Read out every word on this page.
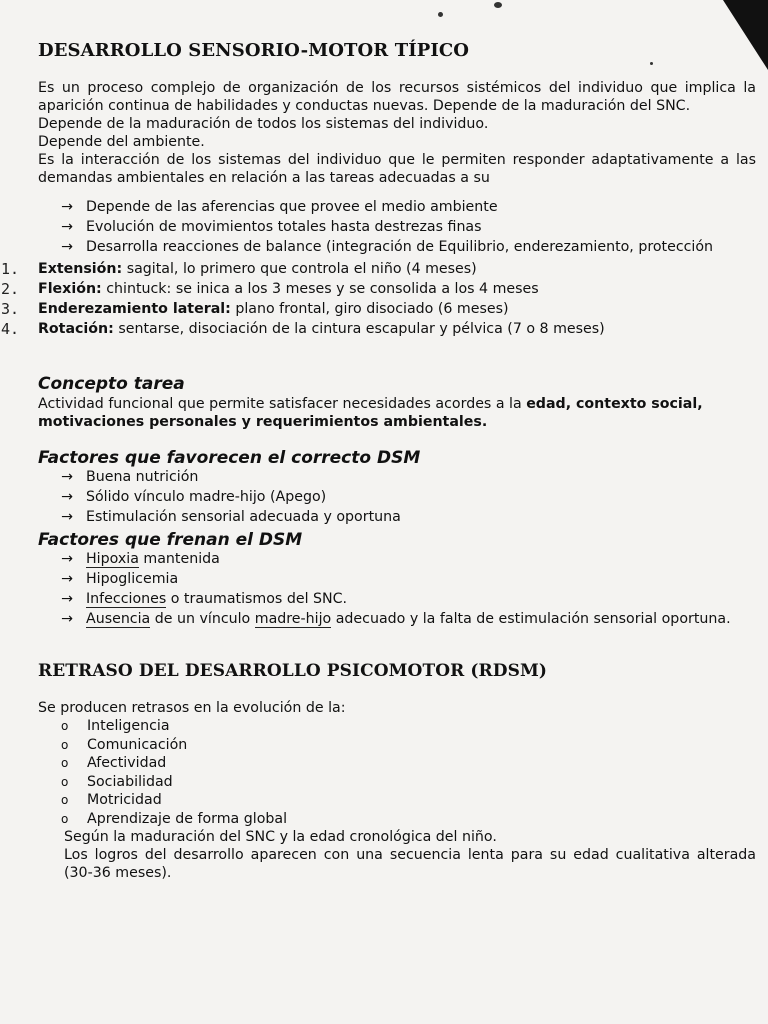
DESARROLLO SENSORIO-MOTOR TÍPICO

Es un proceso complejo de organización de los recursos sistémicos del individuo que implica la aparición continua de habilidades y conductas nuevas. Depende de la maduración del SNC.

Depende de la maduración de todos los sistemas del individuo.

Depende del ambiente.

Es la interacción de los sistemas del individuo que le permiten responder adaptativamente a las demandas ambientales en relación a las tareas adecuadas a su

→ Depende de las aferencias que provee el medio ambiente
→ Evolución de movimientos totales hasta destrezas finas
→ Desarrolla reacciones de balance (integración de Equilibrio, enderezamiento, protección
1. Extensión: sagital, lo primero que controla el niño (4 meses)
2. Flexión: chintuck: se inica a los 3 meses y se consolida a los 4 meses
3. Enderezamiento lateral: plano frontal, giro disociado (6 meses)
4. Rotación: sentarse, disociación de la cintura escapular y pélvica (7 o 8 meses)
Concepto tarea

Actividad funcional que permite satisfacer necesidades acordes a la edad, contexto social, motivaciones personales y requerimientos ambientales.

Factores que favorecen el correcto DSM
→ Buena nutrición
→ Sólido vínculo madre-hijo (Apego)
→ Estimulación sensorial adecuada y oportuna
Factores que frenan el DSM
→ Hipoxia mantenida
→ Hipoglicemia
→ Infecciones o traumatismos del SNC.
→ Ausencia de un vínculo madre-hijo adecuado y la falta de estimulación sensorial oportuna.
RETRASO DEL DESARROLLO PSICOMOTOR (RDSM)

Se producen retrasos en la evolución de la:

o Inteligencia
o Comunicación
o Afectividad
o Sociabilidad
o Motricidad
o Aprendizaje de forma global

Según la maduración del SNC y la edad cronológica del niño.

Los logros del desarrollo aparecen con una secuencia lenta para su edad cualitativa alterada (30-36 meses).
